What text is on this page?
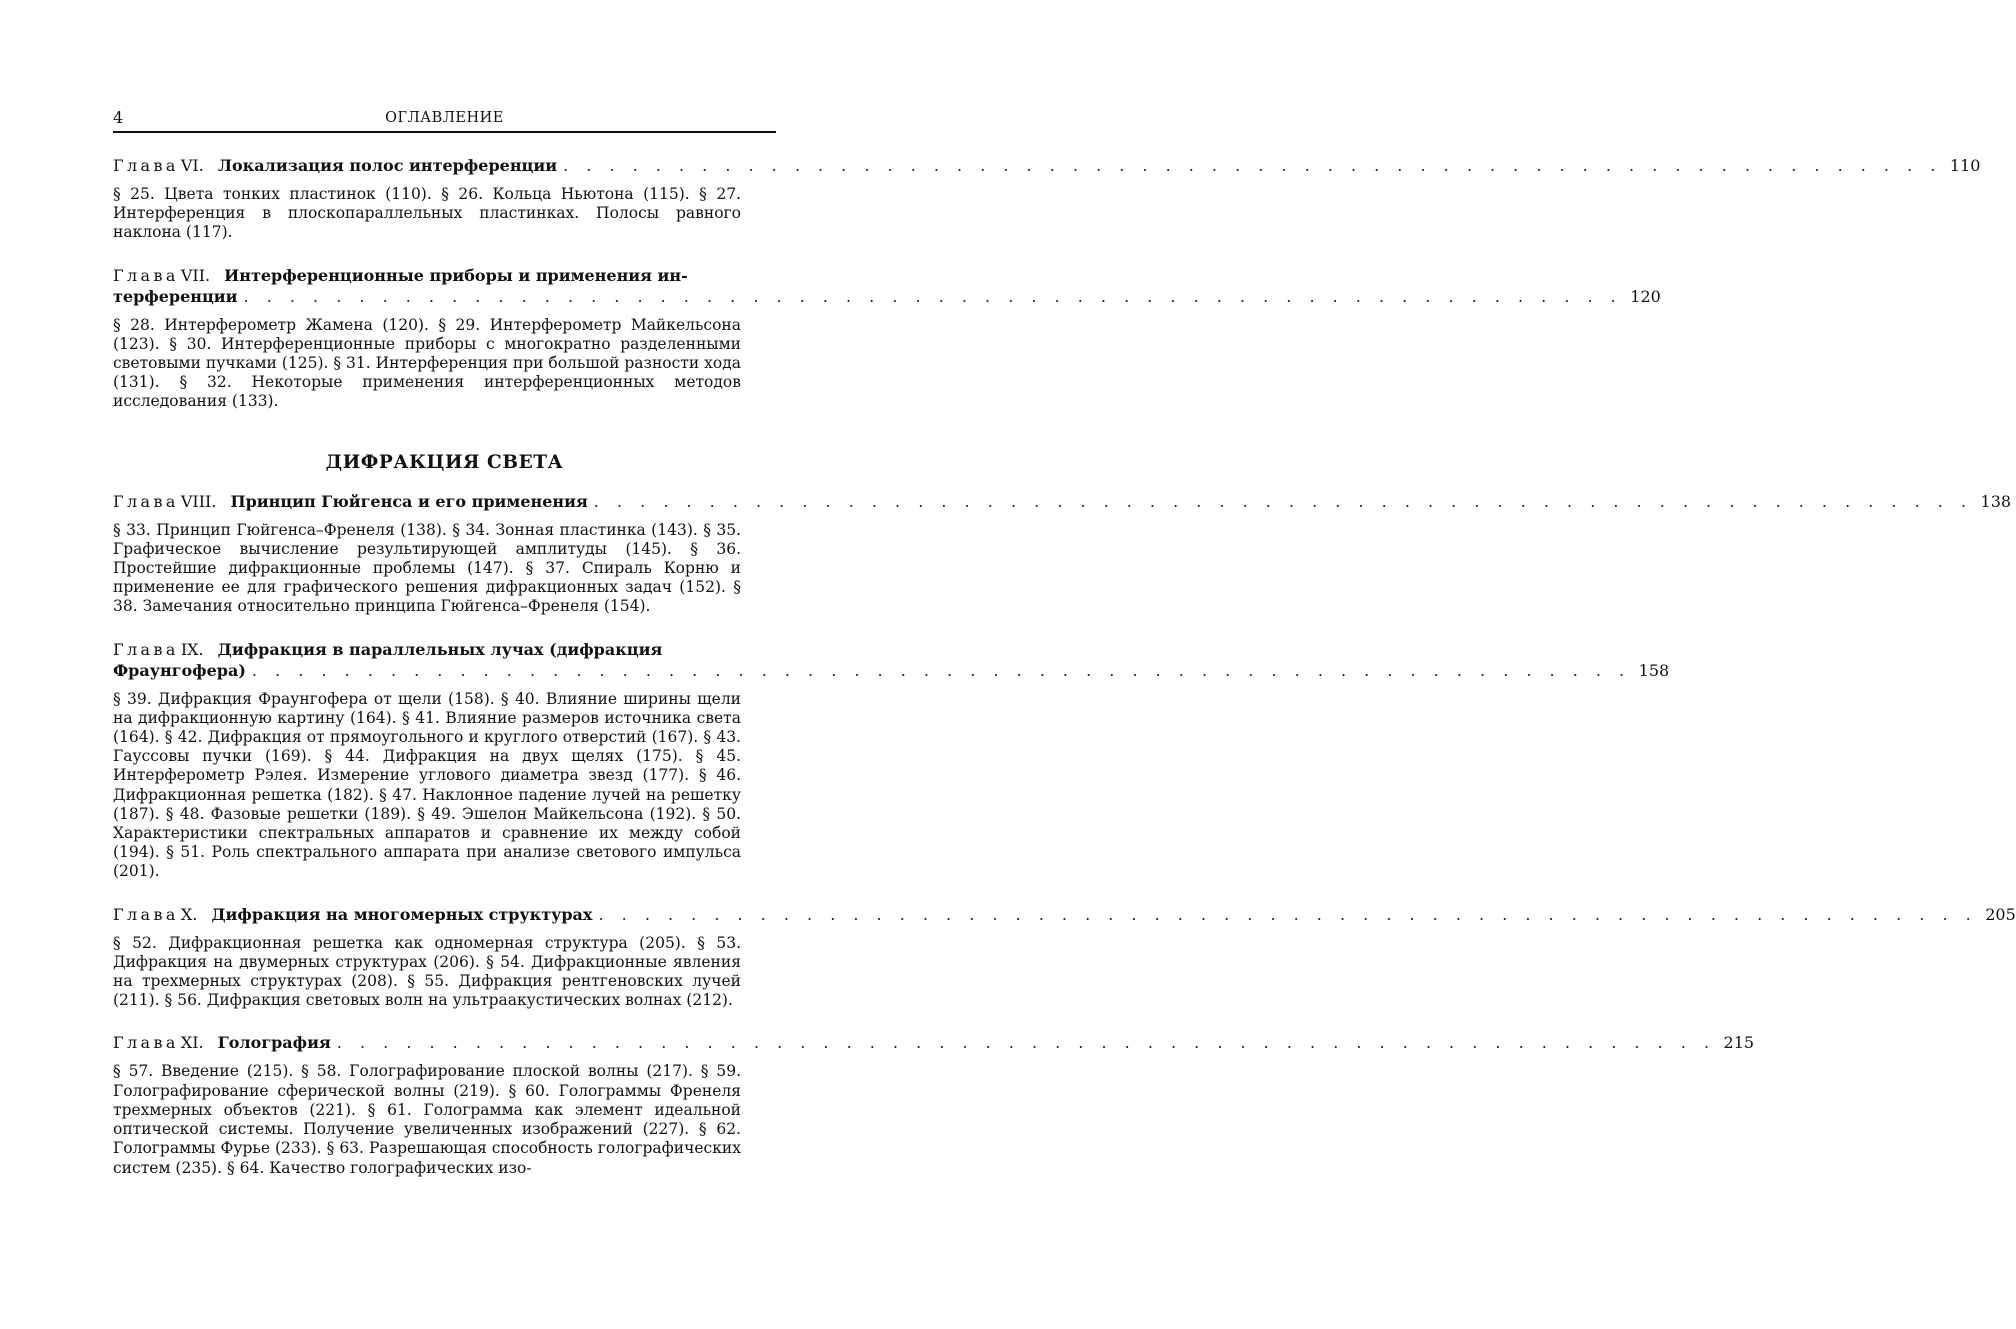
4	ОГЛАВЛЕНИЕ
Глава VI. Локализация полос интерференции . . . . . . . . . . . . . . . . . . . . . . . . . . . . . . . . . . . . . . . . . . . . . . . . . . . . . . . . . . . . 110
§ 25. Цвета тонких пластинок (110). § 26. Кольца Ньютона (115). § 27. Интерференция в плоскопараллельных пластинках. Полосы равного наклона (117).
Глава VII. Интерференционные приборы и применения ин-
терференции . . . . . . . . . . . . . . . . . . . . . . . . . . . . . . . . . . . . . . . . . . . . . . . . . . . . . . . . . . . . 120
§ 28. Интерферометр Жамена (120). § 29. Интерферометр Майкельсона (123). § 30. Интерференционные приборы с многократно разделенными световыми пучками (125). § 31. Интерференция при большой разности хода (131). § 32. Некоторые применения интерференционных методов исследования (133).
ДИФРАКЦИЯ СВЕТА
Глава VIII. Принцип Гюйгенса и его применения . . . . . . . . . . . . . . . . . . . . . . . . . . . . . . . . . . . . . . . . . . . . . . . . . . . . . . . . . . . . 138
§ 33. Принцип Гюйгенса–Френеля (138). § 34. Зонная пластинка (143). § 35. Графическое вычисление результирующей амплитуды (145). § 36. Простейшие дифракционные проблемы (147). § 37. Спираль Корню и применение ее для графического решения дифракционных задач (152). § 38. Замечания относительно принципа Гюйгенса–Френеля (154).
Глава IX. Дифракция в параллельных лучах (дифракция
Фраунгофера) . . . . . . . . . . . . . . . . . . . . . . . . . . . . . . . . . . . . . . . . . . . . . . . . . . . . . . . . . . . . 158
§ 39. Дифракция Фраунгофера от щели (158). § 40. Влияние ширины щели на дифракционную картину (164). § 41. Влияние размеров источника света (164). § 42. Дифракция от прямоугольного и круглого отверстий (167). § 43. Гауссовы пучки (169). § 44. Дифракция на двух щелях (175). § 45. Интерферометр Рэлея. Измерение углового диаметра звезд (177). § 46. Дифракционная решетка (182). § 47. Наклонное падение лучей на решетку (187). § 48. Фазовые решетки (189). § 49. Эшелон Майкельсона (192). § 50. Характеристики спектральных аппаратов и сравнение их между собой (194). § 51. Роль спектрального аппарата при анализе светового импульса (201).
Глава X. Дифракция на многомерных структурах . . . . . . . . . . . . . . . . . . . . . . . . . . . . . . . . . . . . . . . . . . . . . . . . . . . . . . . . . . . . 205
§ 52. Дифракционная решетка как одномерная структура (205). § 53. Дифракция на двумерных структурах (206). § 54. Дифракционные явления на трехмерных структурах (208). § 55. Дифракция рентгеновских лучей (211). § 56. Дифракция световых волн на ультраакустических волнах (212).
Глава XI. Голография . . . . . . . . . . . . . . . . . . . . . . . . . . . . . . . . . . . . . . . . . . . . . . . . . . . . . . . . . . . . 215
§ 57. Введение (215). § 58. Голографирование плоской волны (217). § 59. Голографирование сферической волны (219). § 60. Голограммы Френеля трехмерных объектов (221). § 61. Голограмма как элемент идеальной оптической системы. Получение увеличенных изображений (227). § 62. Голограммы Фурье (233). § 63. Разрешающая способность голографических систем (235). § 64. Качество голографических изо-
